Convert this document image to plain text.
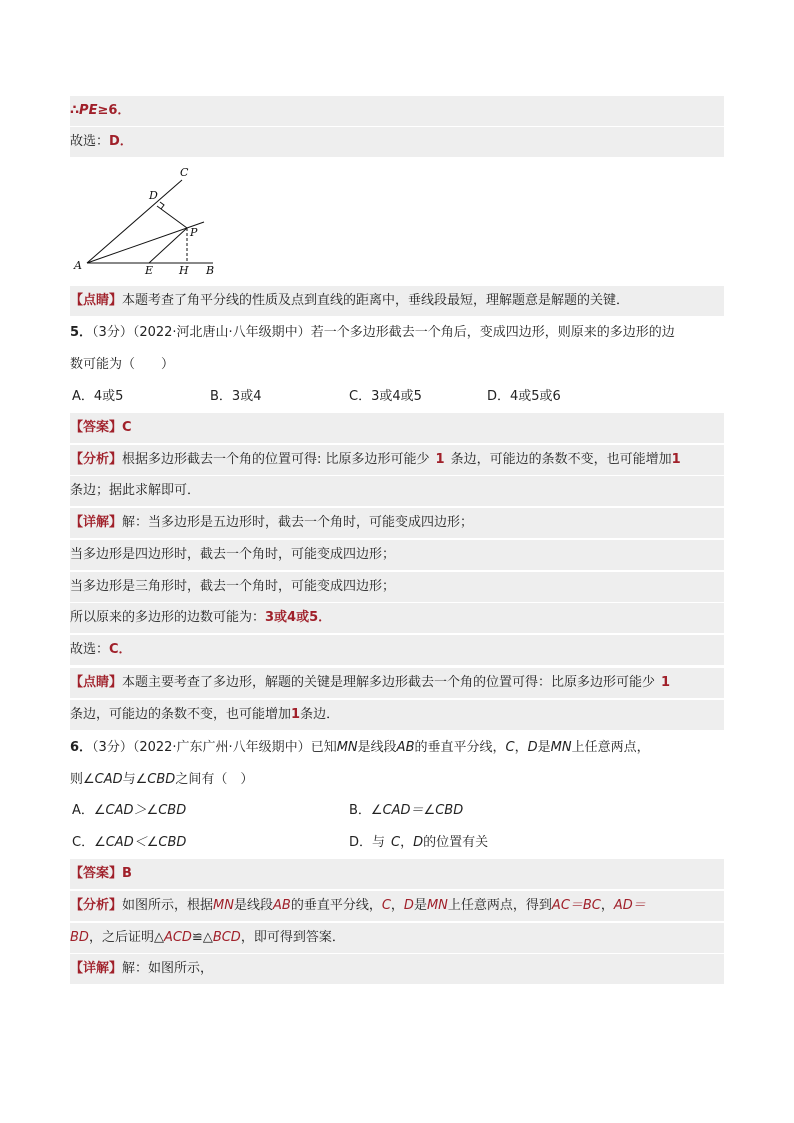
∴PE≥6．
故选：D．
A	B
C
D
E H
P
【点睛】本题考查了角平分线的性质及点到直线的距离中，垂线段最短，理解题意是解题的关键．
5．（3分）（2022·河北唐山·八年级期中）若一个多边形截去一个角后，变成四边形，则原来的多边形的边
数可能为（　　）
A．4或5	B．3或4	C．3或4或5	D．4或5或6
【答案】C
【分析】根据多边形截去一个角的位置可得: 比原多边形可能少 1 条边，可能边的条数不变，也可能增加1
条边；据此求解即可．
【详解】解：当多边形是五边形时，截去一个角时，可能变成四边形；
当多边形是四边形时，截去一个角时，可能变成四边形；
当多边形是三角形时，截去一个角时，可能变成四边形；
所以原来的多边形的边数可能为：3或4或5．
故选：C．
【点睛】本题主要考查了多边形，解题的关键是理解多边形截去一个角的位置可得：比原多边形可能少 1
条边，可能边的条数不变，也可能增加1条边．
6．（3分）（2022·广东广州·八年级期中）已知MN是线段AB的垂直平分线，C，D是MN上任意两点，
则∠CAD与∠CBD之间有（　）
A．∠CAD＞∠CBD	B．∠CAD＝∠CBD
C．∠CAD＜∠CBD	D．与 C，D的位置有关
【答案】B
【分析】如图所示，根据MN是线段AB的垂直平分线，C，D是MN上任意两点，得到AC＝BC，AD＝
BD，之后证明△ACD≌△BCD，即可得到答案．
【详解】解：如图所示，
